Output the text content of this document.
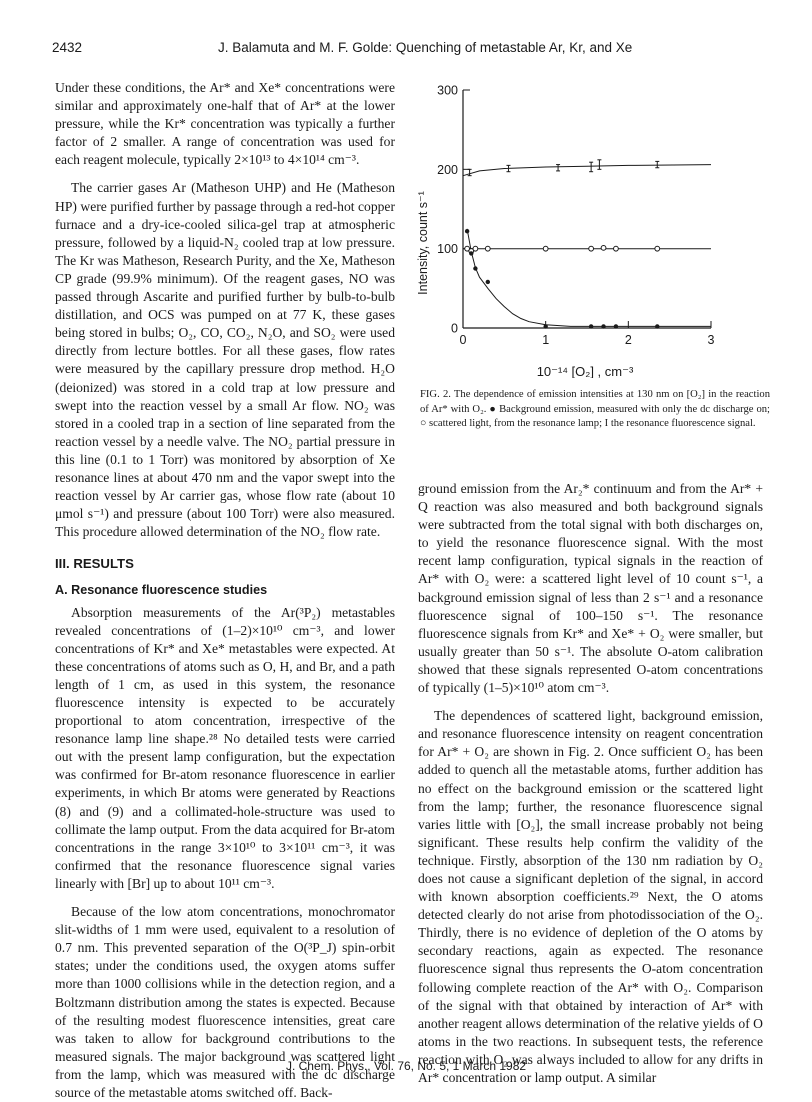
2432	J. Balamuta and M. F. Golde: Quenching of metastable Ar, Kr, and Xe

Under these conditions, the Ar* and Xe* concentrations were similar and approximately one-half that of Ar* at the lower pressure, while the Kr* concentration was typically a further factor of 2 smaller. A range of concentration was used for each reagent molecule, typically 2×10¹³ to 4×10¹⁴ cm⁻³.

The carrier gases Ar (Matheson UHP) and He (Matheson HP) were purified further by passage through a red-hot copper furnace and a dry-ice-cooled silica-gel trap at atmospheric pressure, followed by a liquid-N₂ cooled trap at low pressure. The Kr was Matheson, Research Purity, and the Xe, Matheson CP grade (99.9% minimum). Of the reagent gases, NO was passed through Ascarite and purified further by bulb-to-bulb distillation, and OCS was pumped on at 77 K, these gases being stored in bulbs; O₂, CO, CO₂, N₂O, and SO₂ were used directly from lecture bottles. For all these gases, flow rates were measured by the capillary pressure drop method. H₂O (deionized) was stored in a cold trap at low pressure and swept into the reaction vessel by a small Ar flow. NO₂ was stored in a cooled trap in a section of line separated from the reaction vessel by a needle valve. The NO₂ partial pressure in this line (0.1 to 1 Torr) was monitored by absorption of Xe resonance lines at about 470 nm and the vapor swept into the reaction vessel by Ar carrier gas, whose flow rate (about 10 μmol s⁻¹) and pressure (about 100 Torr) were also measured. This procedure allowed determination of the NO₂ flow rate.

III. RESULTS

A. Resonance fluorescence studies

Absorption measurements of the Ar(³P₂) metastables revealed concentrations of (1–2)×10¹⁰ cm⁻³, and lower concentrations of Kr* and Xe* metastables were expected. At these concentrations of atoms such as O, H, and Br, and a path length of 1 cm, as used in this system, the resonance fluorescence intensity is expected to be accurately proportional to atom concentration, irrespective of the resonance lamp line shape.²⁸ No detailed tests were carried out with the present lamp configuration, but the expectation was confirmed for Br-atom resonance fluorescence in earlier experiments, in which Br atoms were generated by Reactions (8) and (9) and a collimated-hole-structure was used to collimate the lamp output. From the data acquired for Br-atom concentrations in the range 3×10¹⁰ to 3×10¹¹ cm⁻³, it was confirmed that the resonance fluorescence signal varies linearly with [Br] up to about 10¹¹ cm⁻³.

Because of the low atom concentrations, monochromator slit-widths of 1 mm were used, equivalent to a resolution of 0.7 nm. This prevented separation of the O(³P_J) spin-orbit states; under the conditions used, the oxygen atoms suffer more than 1000 collisions while in the detection region, and a Boltzmann distribution among the states is expected. Because of the resulting modest fluorescence intensities, great care was taken to allow for background contributions to the measured signals. The major background was scattered light from the lamp, which was measured with the dc discharge source of the metastable atoms switched off. Back-

0
100
200
300
0	1	2	3
Intensity, count s⁻¹
10⁻¹⁴ [O₂] , cm⁻³
FIG. 2. The dependence of emission intensities at 130 nm on [O₂] in the reaction of Ar* with O₂. ● Background emission, measured with only the dc discharge on; ○ scattered light, from the resonance lamp; I the resonance fluorescence signal.

ground emission from the Ar₂* continuum and from the Ar* + Q reaction was also measured and both background signals were subtracted from the total signal with both discharges on, to yield the resonance fluorescence signal. With the most recent lamp configuration, typical signals in the reaction of Ar* with O₂ were: a scattered light level of 10 count s⁻¹, a background emission signal of less than 2 s⁻¹ and a resonance fluorescence signal of 100–150 s⁻¹. The resonance fluorescence signals from Kr* and Xe* + O₂ were smaller, but usually greater than 50 s⁻¹. The absolute O-atom calibration showed that these signals represented O-atom concentrations of typically (1–5)×10¹⁰ atom cm⁻³.

The dependences of scattered light, background emission, and resonance fluorescence intensity on reagent concentration for Ar* + O₂ are shown in Fig. 2. Once sufficient O₂ has been added to quench all the metastable atoms, further addition has no effect on the background emission or the scattered light from the lamp; further, the resonance fluorescence signal varies little with [O₂], the small increase probably not being significant. These results help confirm the validity of the technique. Firstly, absorption of the 130 nm radiation by O₂ does not cause a significant depletion of the signal, in accord with known absorption coefficients.²⁹ Next, the O atoms detected clearly do not arise from photodissociation of the O₂. Thirdly, there is no evidence of depletion of the O atoms by secondary reactions, again as expected. The resonance fluorescence signal thus represents the O-atom concentration following complete reaction of the Ar* with O₂. Comparison of the signal with that obtained by interaction of Ar* with another reagent allows determination of the relative yields of O atoms in the two reactions. In subsequent tests, the reference reaction with O₂ was always included to allow for any drifts in Ar* concentration or lamp output. A similar

J. Chem. Phys., Vol. 76, No. 5, 1 March 1982
